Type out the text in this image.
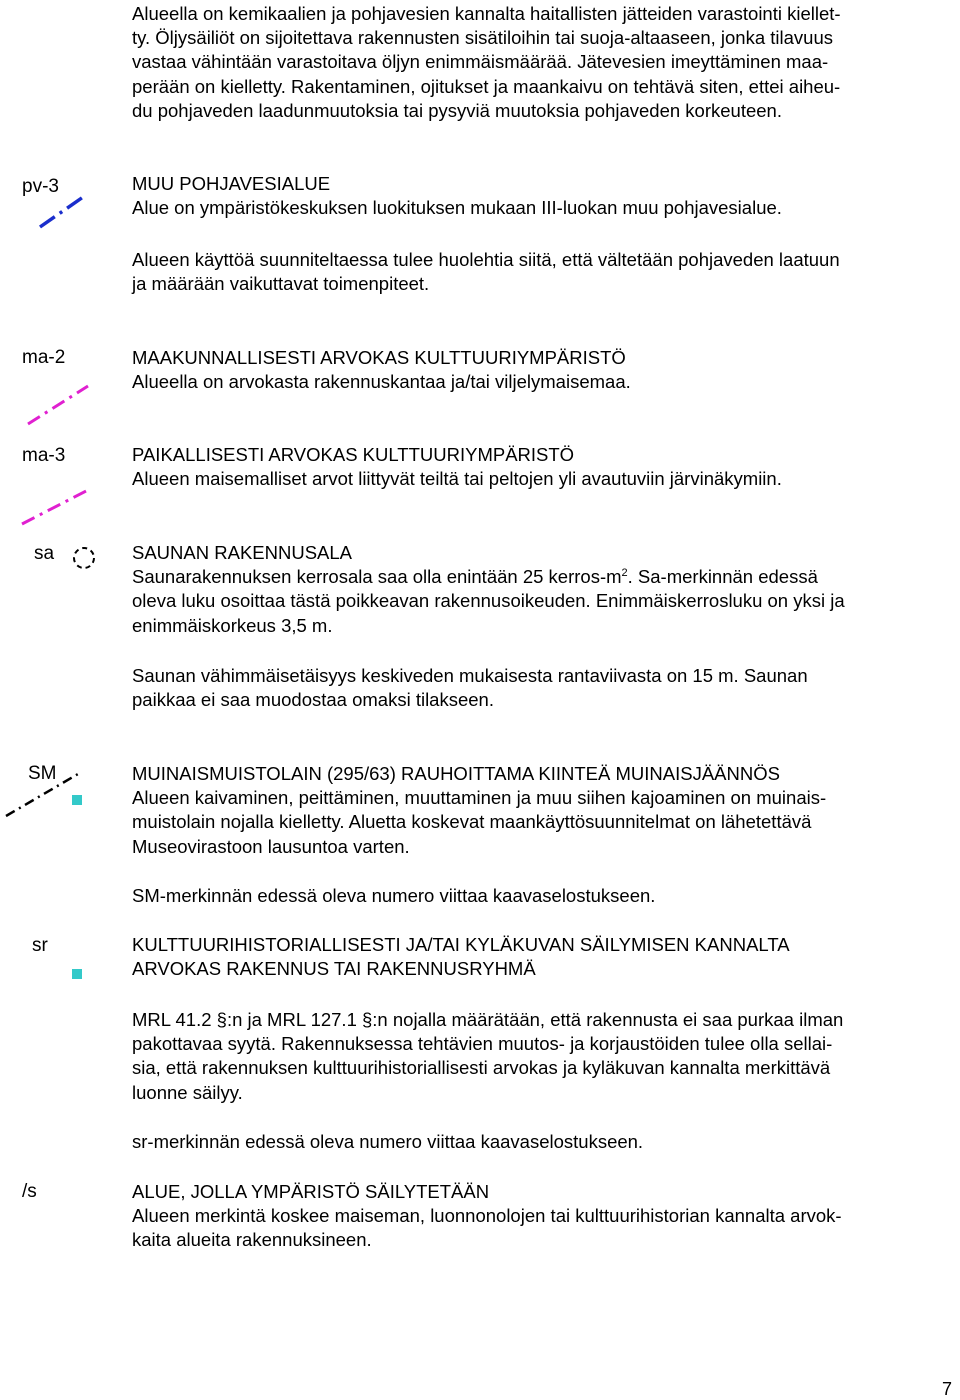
Alueella on kemikaalien ja pohjavesien kannalta haitallisten jätteiden varastointi kiellet-
ty. Öljysäiliöt on sijoitettava rakennusten sisätiloihin tai suoja-altaaseen, jonka tilavuus
vastaa vähintään varastoitava öljyn enimmäismäärää. Jätevesien imeyttäminen maa-
perään on kielletty. Rakentaminen, ojitukset ja maankaivu on tehtävä siten, ettei aiheu-
du pohjaveden laadunmuutoksia tai pysyviä muutoksia pohjaveden korkeuteen.

pv-3	MUU POHJAVESIALUE
Alue on ympäristökeskuksen luokituksen mukaan III-luokan muu pohjavesialue.

Alueen käyttöä suunniteltaessa tulee huolehtia siitä, että vältetään pohjaveden laatuun
ja määrään vaikuttavat toimenpiteet.

ma-2	MAAKUNNALLISESTI ARVOKAS KULTTUURIYMPÄRISTÖ
Alueella on arvokasta rakennuskantaa ja/tai viljelymaisemaa.

ma-3	PAIKALLISESTI ARVOKAS KULTTUURIYMPÄRISTÖ
Alueen maisemalliset arvot liittyvät teiltä tai peltojen yli avautuviin järvinäkymiin.

sa	SAUNAN RAKENNUSALA
Saunarakennuksen kerrosala saa olla enintään 25 kerros-$m^2$. Sa-merkinnän edessä
oleva luku osoittaa tästä poikkeavan rakennusoikeuden. Enimmäiskerrosluku on yksi ja
enimmäiskorkeus 3,5 m.

Saunan vähimmäisetäisyys keskiveden mukaisesta rantaviivasta on 15 m. Saunan
paikkaa ei saa muodostaa omaksi tilakseen.

SM	MUINAISMUISTOLAIN (295/63) RAUHOITTAMA KIINTEÄ MUINAISJÄÄNNÖS
Alueen kaivaminen, peittäminen, muuttaminen ja muu siihen kajoaminen on muinais-
muistolain nojalla kielletty. Aluetta koskevat maankäyttösuunnitelmat on lähetettävä
Museovirastoon lausuntoa varten.

SM-merkinnän edessä oleva numero viittaa kaavaselostukseen.

sr	KULTTUURIHISTORIALLISESTI JA/TAI KYLÄKUVAN SÄILYMISEN KANNALTA
ARVOKAS RAKENNUS TAI RAKENNUSRYHMÄ

MRL 41.2 §:n ja MRL 127.1 §:n nojalla määrätään, että rakennusta ei saa purkaa ilman
pakottavaa syytä. Rakennuksessa tehtävien muutos- ja korjaustöiden tulee olla sellai-
sia, että rakennuksen kulttuurihistoriallisesti arvokas ja kyläkuvan kannalta merkittävä
luonne säilyy.

sr-merkinnän edessä oleva numero viittaa kaavaselostukseen.

/s	ALUE, JOLLA YMPÄRISTÖ SÄILYTETÄÄN
Alueen merkintä koskee maiseman, luonnonolojen tai kulttuurihistorian kannalta arvok-
kaita alueita rakennuksineen.

7
